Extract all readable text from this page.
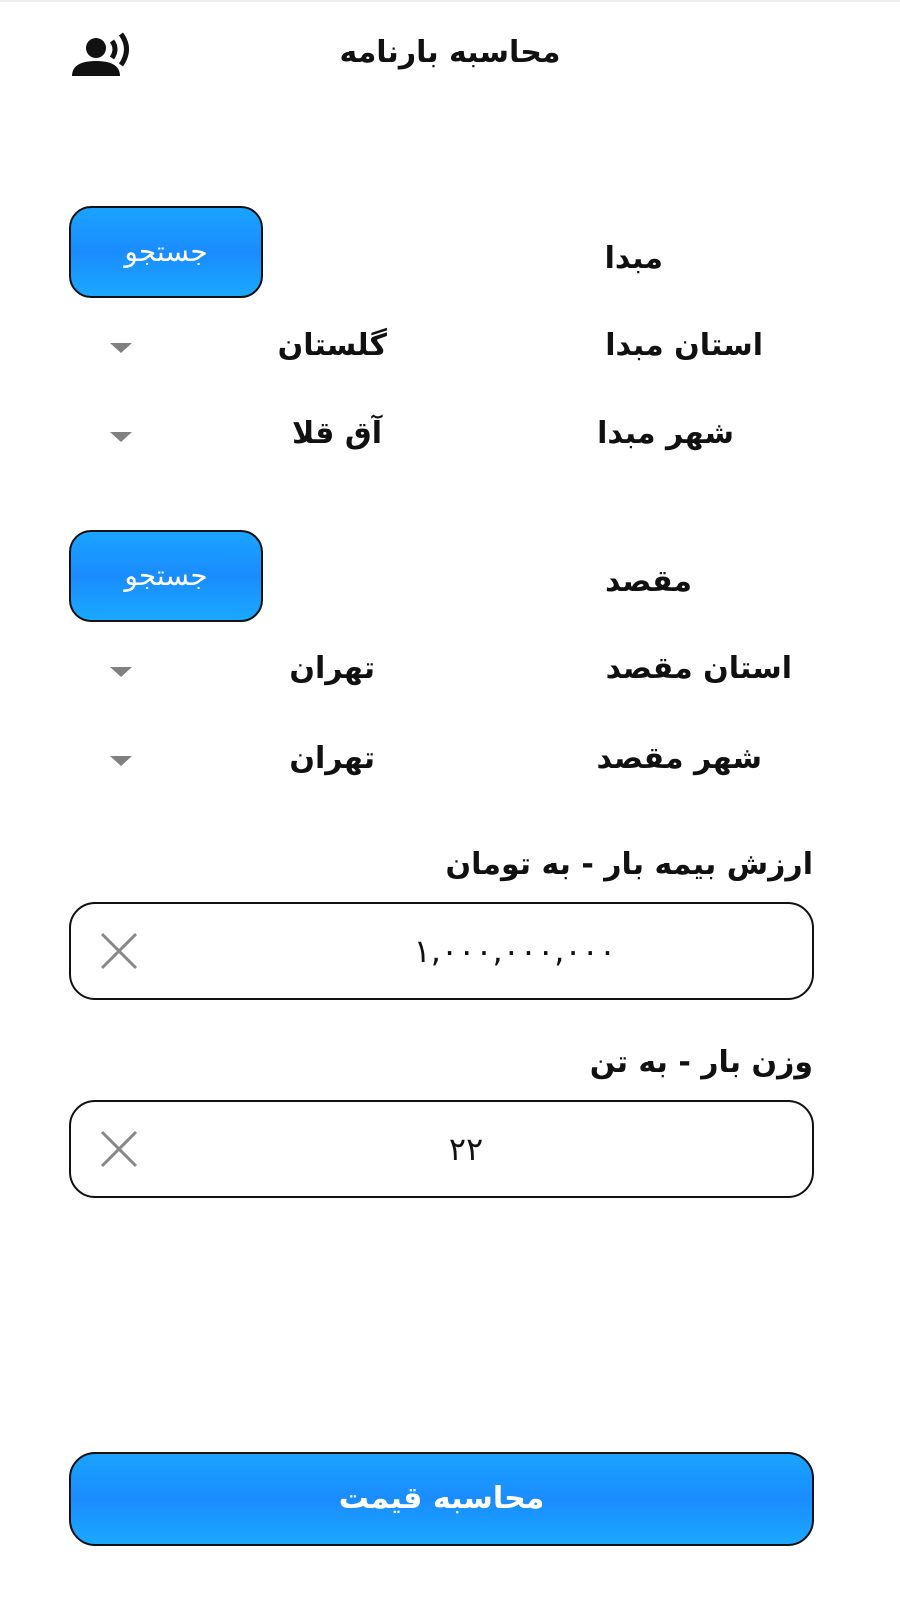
محاسبه بارنامه
مبدا
جستجو
استان مبدا
گلستان
شهر مبدا
آق قلا
مقصد
جستجو
استان مقصد
تهران
شهر مقصد
تهران
ارزش بیمه بار - به تومان
۱,۰۰۰,۰۰۰,۰۰۰
وزن بار - به تن
۲۲
محاسبه قیمت
